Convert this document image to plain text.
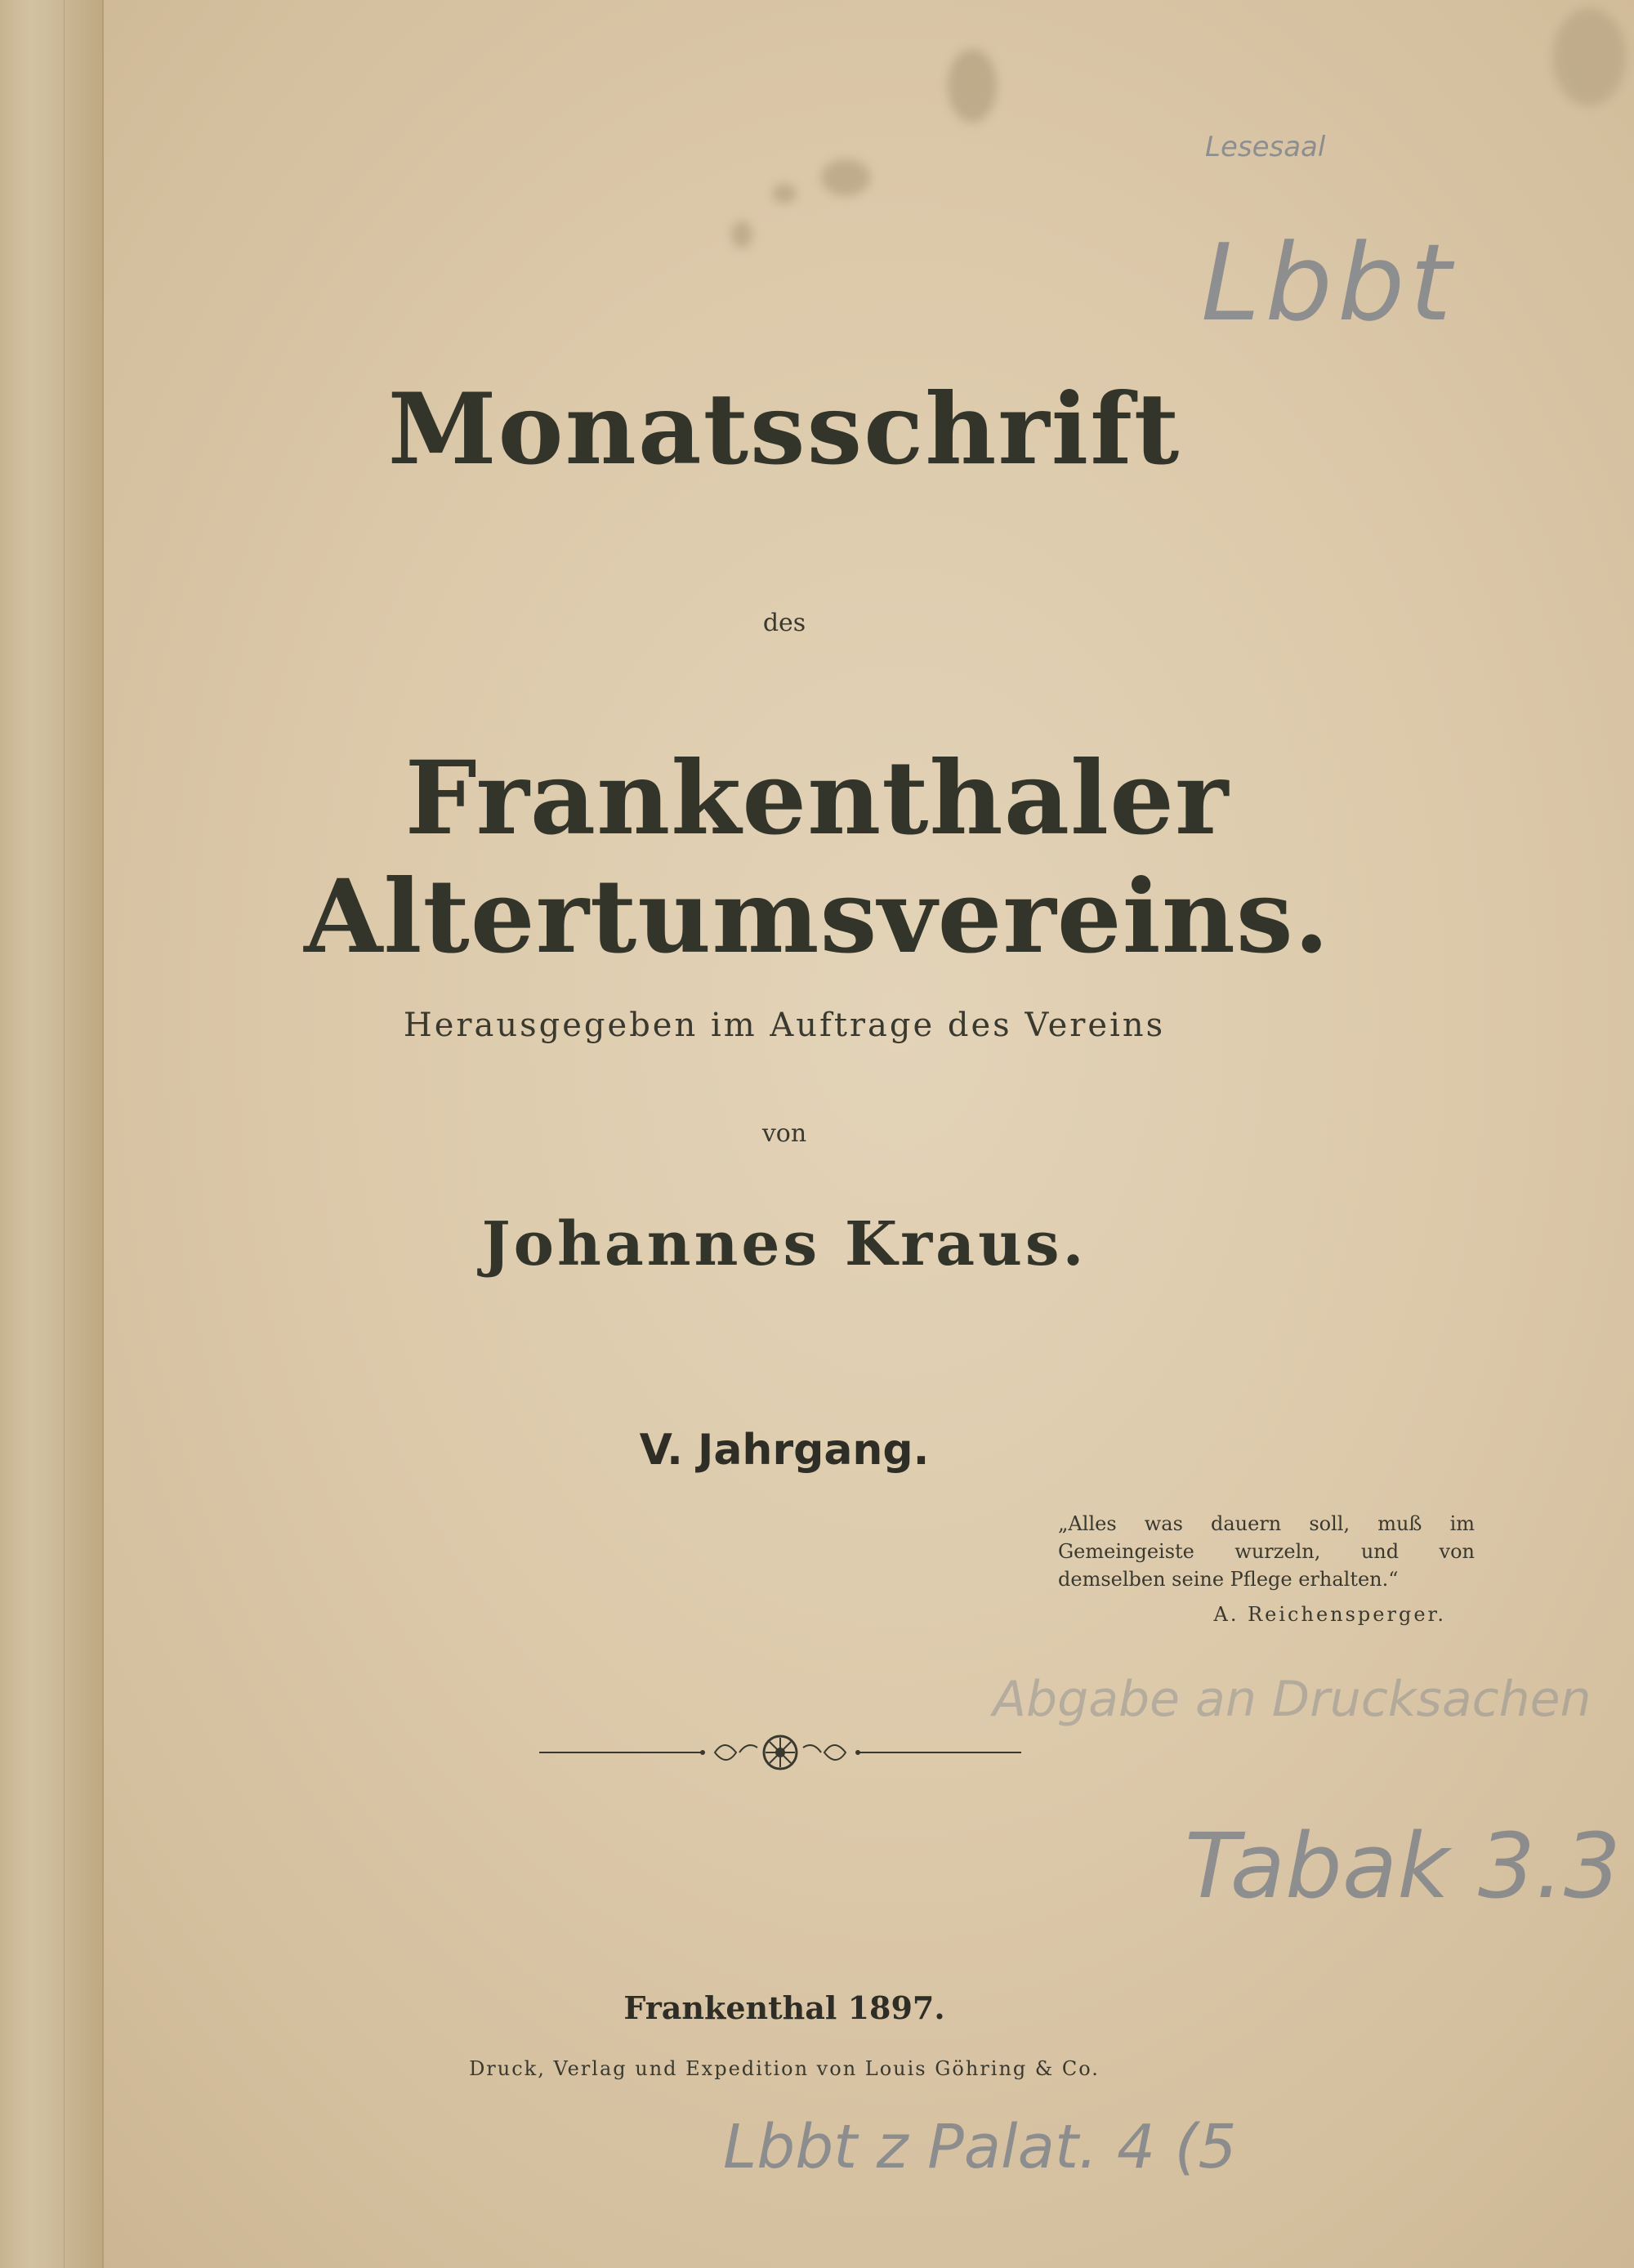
Lesesaal
Lbbt
Abgabe an Drucksachen
Tabak 3.3
Lbbt z Palat. 4 (5
Monatsschrift
des
Frankenthaler Altertumsvereins.
Herausgegeben im Auftrage des Vereins
von
Johannes Kraus.
V. Jahrgang.
„Alles was dauern soll, muß im Gemeingeiste wurzeln, und von demselben seine Pflege erhalten.“
A. Reichensperger.
Frankenthal 1897.
Druck, Verlag und Expedition von Louis Göhring & Co.
